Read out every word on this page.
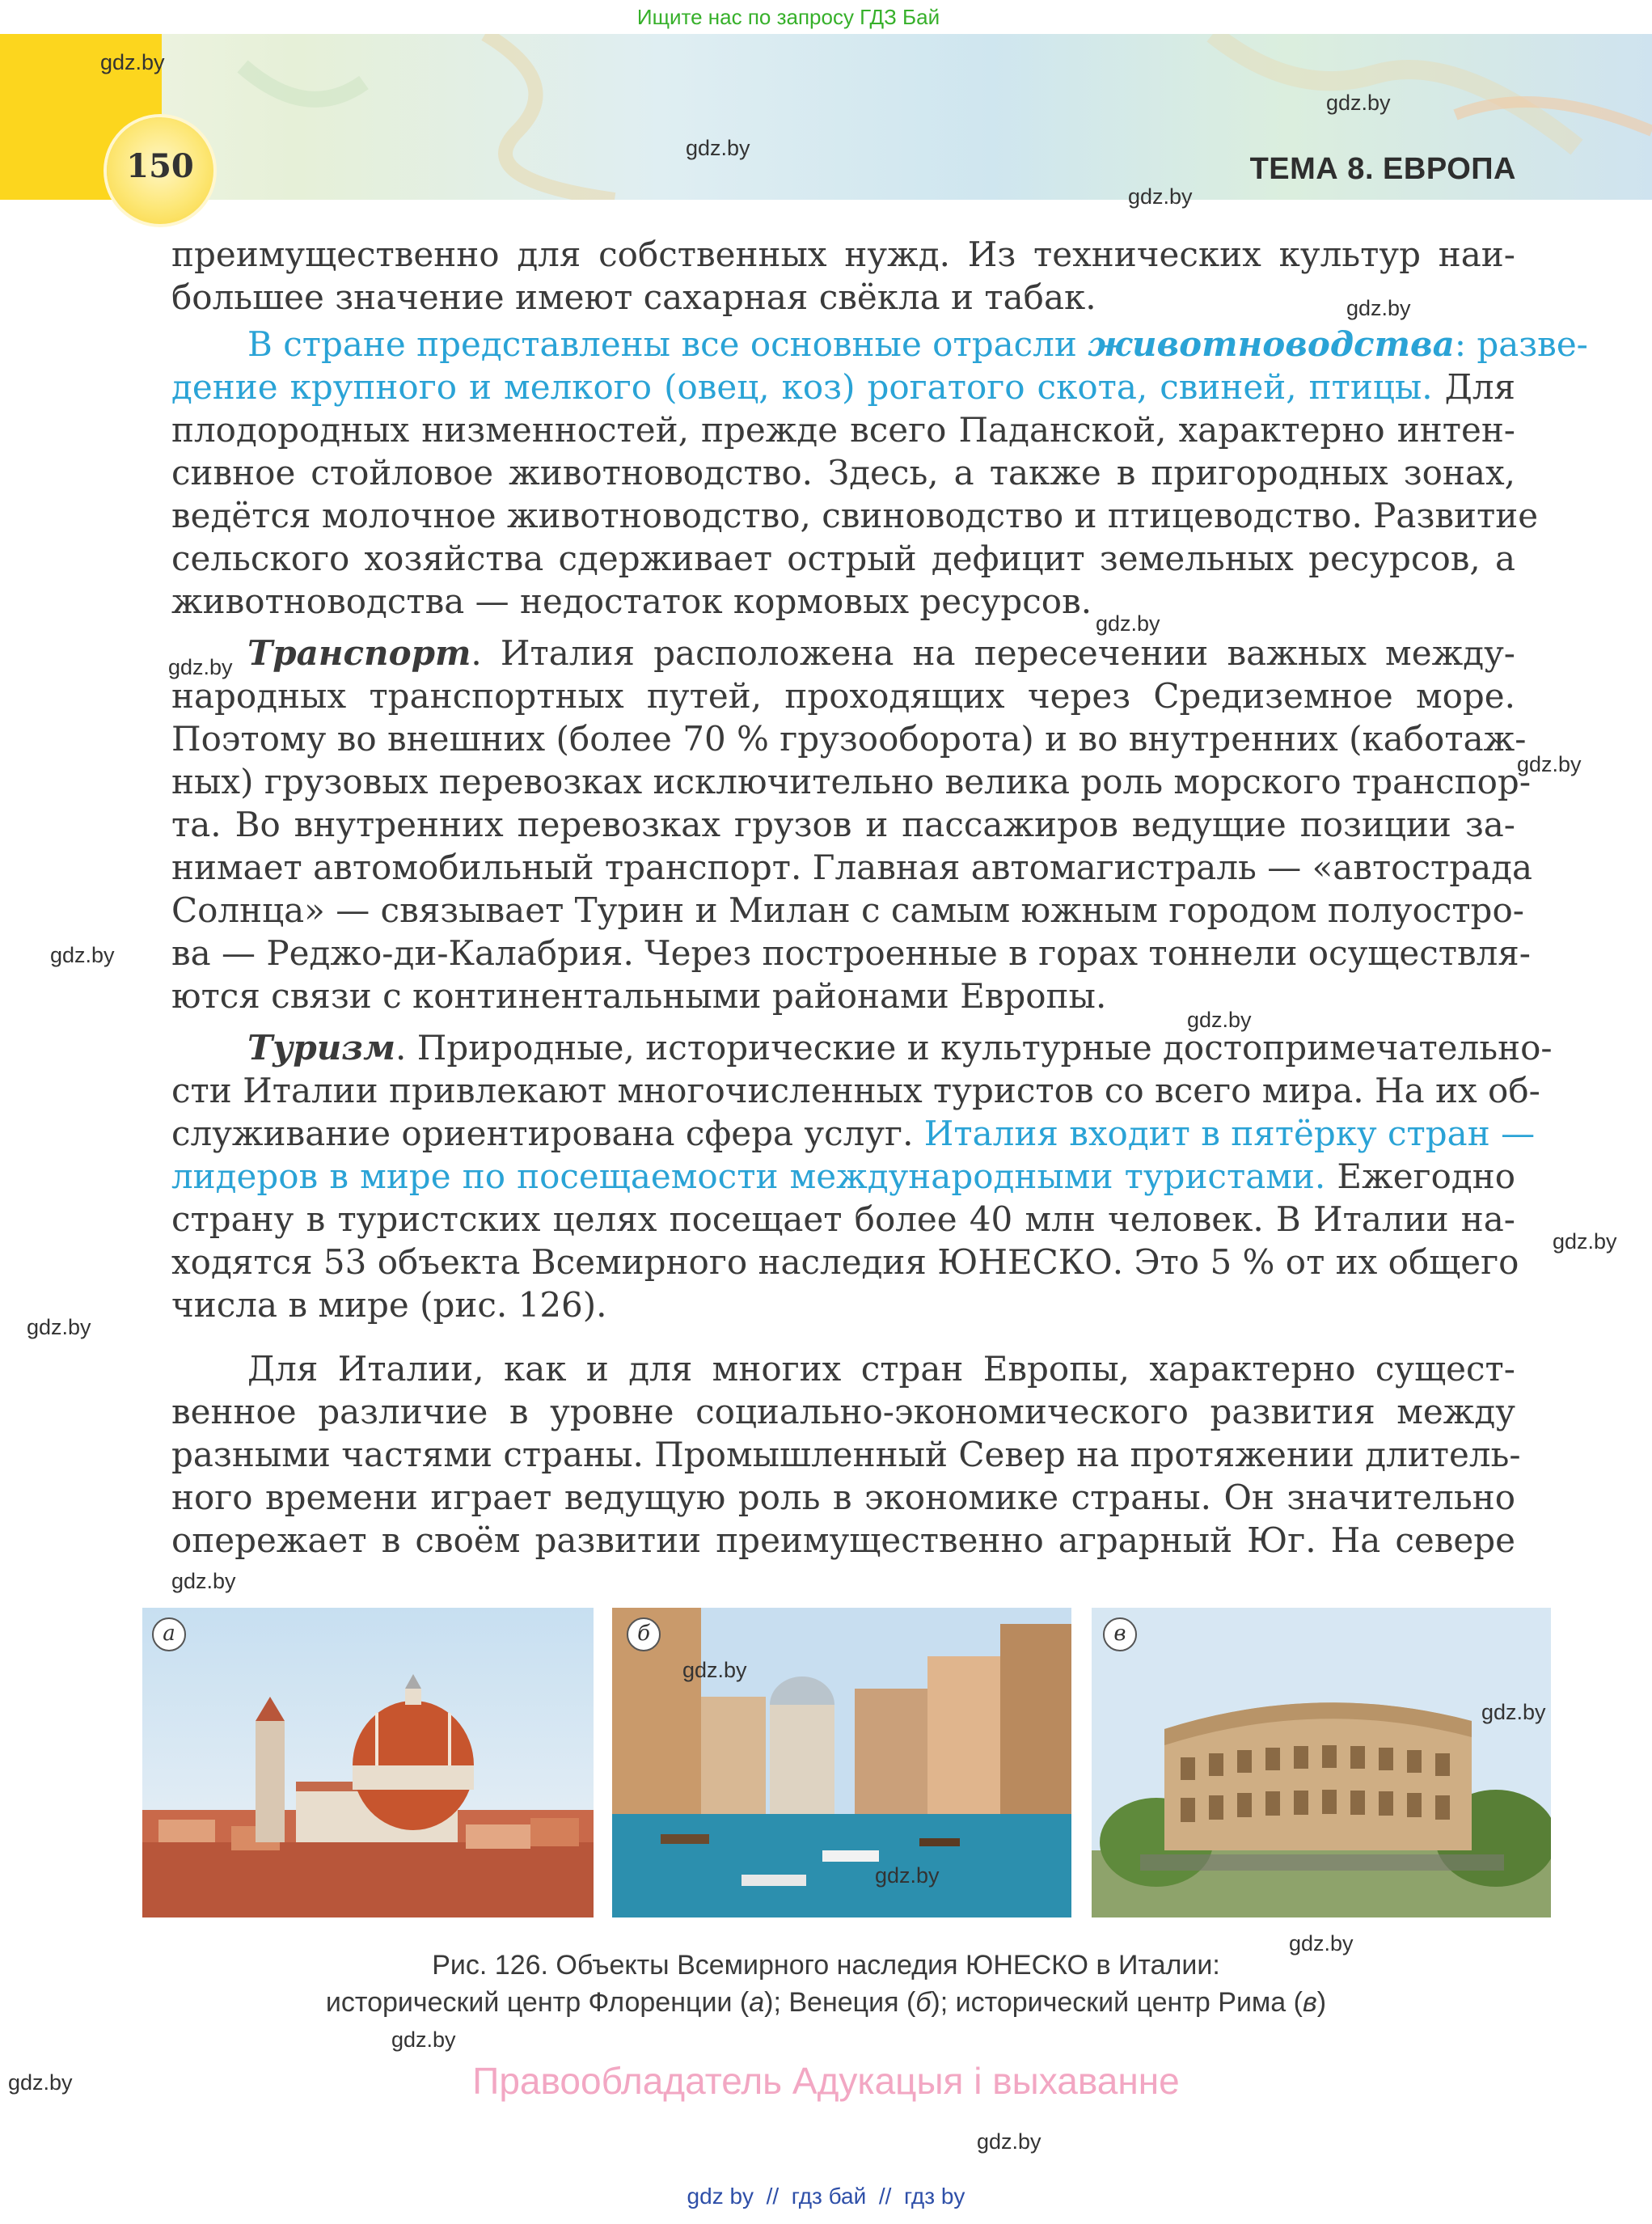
Ищите нас по запросу ГДЗ Бай
150	ТЕМА 8. ЕВРОПА
преимущественно для собственных нужд. Из технических культур наи-
большее значение имеют сахарная свёкла и табак.
В стране представлены все основные отрасли животноводства: разве-
дение крупного и мелкого (овец, коз) рогатого скота, свиней, птицы. Для
плодородных низменностей, прежде всего Паданской, характерно интен-
сивное стойловое животноводство. Здесь, а также в пригородных зонах,
ведётся молочное животноводство, свиноводство и птицеводство. Развитие
сельского хозяйства сдерживает острый дефицит земельных ресурсов, а
животноводства — недостаток кормовых ресурсов.
Транспорт. Италия расположена на пересечении важных между-
народных транспортных путей, проходящих через Средиземное море.
Поэтому во внешних (более 70 % грузооборота) и во внутренних (каботаж-
ных) грузовых перевозках исключительно велика роль морского транспор-
та. Во внутренних перевозках грузов и пассажиров ведущие позиции за-
нимает автомобильный транспорт. Главная автомагистраль — «автострада
Солнца» — связывает Турин и Милан с самым южным городом полуостро-
ва — Реджо-ди-Калабрия. Через построенные в горах тоннели осуществля-
ются связи с континентальными районами Европы.
Туризм. Природные, исторические и культурные достопримечательно-
сти Италии привлекают многочисленных туристов со всего мира. На их об-
служивание ориентирована сфера услуг. Италия входит в пятёрку стран —
лидеров в мире по посещаемости международными туристами. Ежегодно
страну в туристских целях посещает более 40 млн человек. В Италии на-
ходятся 53 объекта Всемирного наследия ЮНЕСКО. Это 5 % от их общего
числа в мире (рис. 126).
Для Италии, как и для многих стран Европы, характерно сущест-
венное различие в уровне социально-экономического развития между
разными частями страны. Промышленный Север на протяжении длитель-
ного времени играет ведущую роль в экономике страны. Он значительно
опережает в своём развитии преимущественно аграрный Юг. На севере
а	б	в
Рис. 126. Объекты Всемирного наследия ЮНЕСКО в Италии:
исторический центр Флоренции (а); Венеция (б); исторический центр Рима (в)
gdz.by
gdz.by
gdz.by
gdz.by
gdz.by
gdz.by
gdz.by
gdz.by
gdz.by
gdz.by
gdz.by
gdz.by
gdz.by
gdz.by
gdz.by
gdz.by
gdz.by
gdz.by
gdz.by
gdz.by
Правообладатель Адукацыя і выхаванне
gdz by // гдз бай // гдз by
